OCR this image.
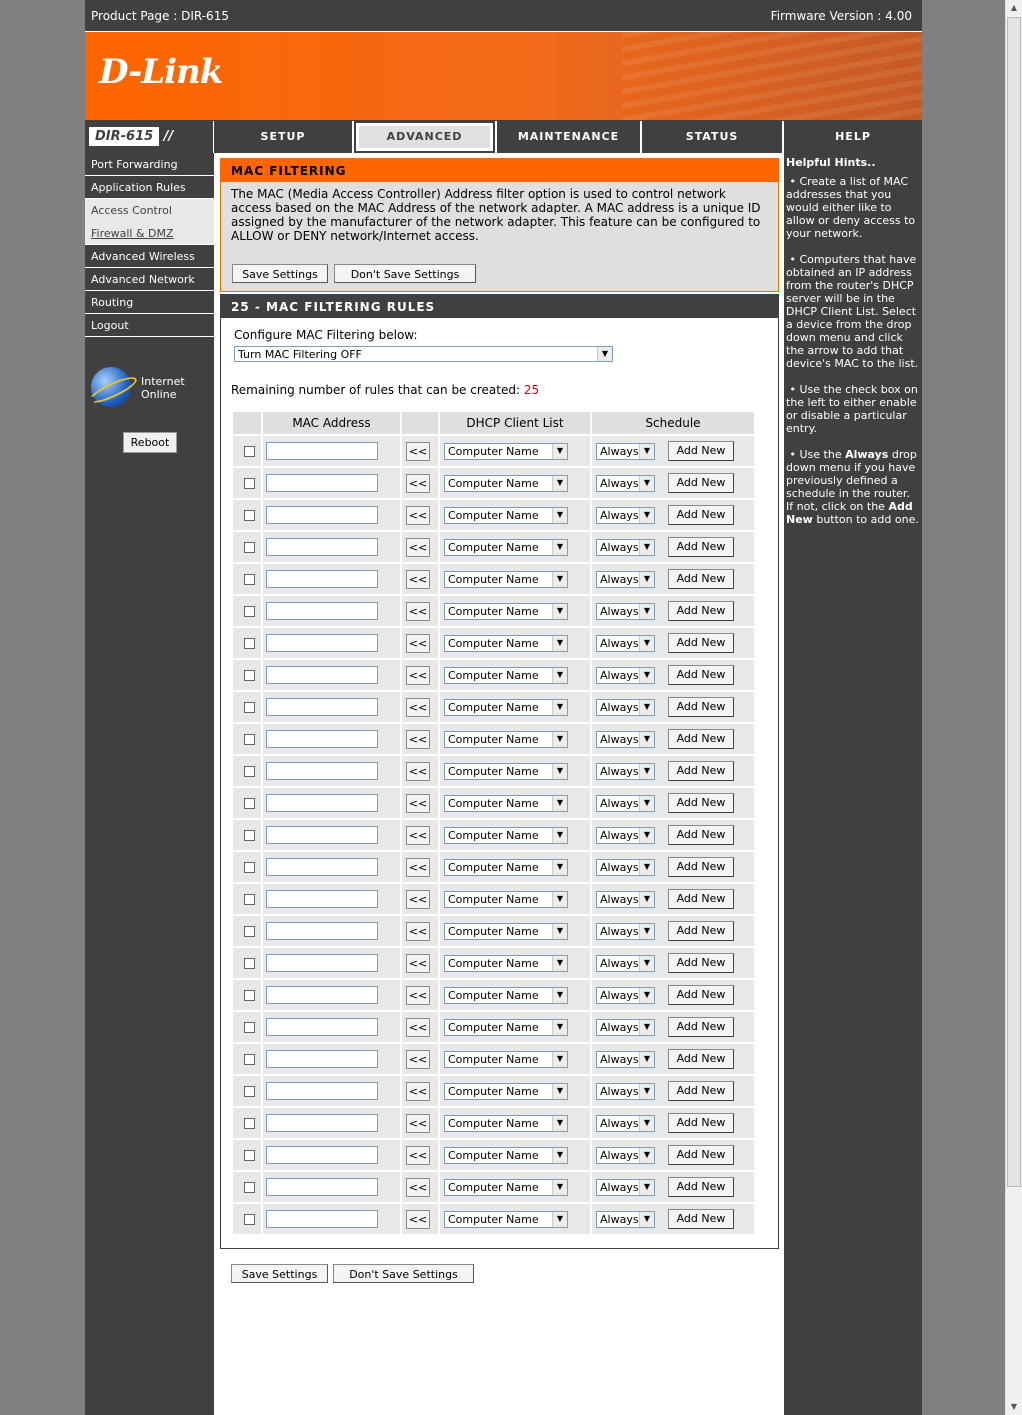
Product Page : DIR-615	Firmware Version : 4.00
D-Link
DIR-615 //	SETUP	ADVANCED	MAINTENANCE	STATUS	HELP
Port Forwarding
Application Rules
Access Control
Firewall & DMZ
Advanced Wireless
Advanced Network
Routing
Logout
Internet
Online
Reboot
MAC FILTERING
The MAC (Media Access Controller) Address filter option is used to control network access based on the MAC Address of the network adapter. A MAC address is a unique ID assigned by the manufacturer of the network adapter. This feature can be configured to ALLOW or DENY network/Internet access.
Save Settings	Don't Save Settings
25 - MAC FILTERING RULES
Configure MAC Filtering below:
Turn MAC Filtering OFF	▼
Remaining number of rules that can be created: 25
MAC Address	DHCP Client List	Schedule
<<	Computer Name	▼	Always ▼	Add New
<<	Computer Name	▼	Always ▼	Add New
<<	Computer Name	▼	Always ▼	Add New
<<	Computer Name	▼	Always ▼	Add New
<<	Computer Name	▼	Always ▼	Add New
<<	Computer Name	▼	Always ▼	Add New
<<	Computer Name	▼	Always ▼	Add New
<<	Computer Name	▼	Always ▼	Add New
<<	Computer Name	▼	Always ▼	Add New
<<	Computer Name	▼	Always ▼	Add New
<<	Computer Name	▼	Always ▼	Add New
<<	Computer Name	▼	Always ▼	Add New
<<	Computer Name	▼	Always ▼	Add New
<<	Computer Name	▼	Always ▼	Add New
<<	Computer Name	▼	Always ▼	Add New
<<	Computer Name	▼	Always ▼	Add New
<<	Computer Name	▼	Always ▼	Add New
<<	Computer Name	▼	Always ▼	Add New
<<	Computer Name	▼	Always ▼	Add New
<<	Computer Name	▼	Always ▼	Add New
<<	Computer Name	▼	Always ▼	Add New
<<	Computer Name	▼	Always ▼	Add New
<<	Computer Name	▼	Always ▼	Add New
<<	Computer Name	▼	Always ▼	Add New
<<	Computer Name	▼	Always ▼	Add New
Save Settings	Don't Save Settings
Helpful Hints..

• Create a list of MAC addresses that you would either like to allow or deny access to your network.

• Computers that have obtained an IP address from the router's DHCP server will be in the DHCP Client List. Select a device from the drop down menu and click the arrow to add that device's MAC to the list.

• Use the check box on the left to either enable or disable a particular entry.

• Use the Always drop down menu if you have previously defined a schedule in the router. If not, click on the Add New button to add one.

▲
▼
